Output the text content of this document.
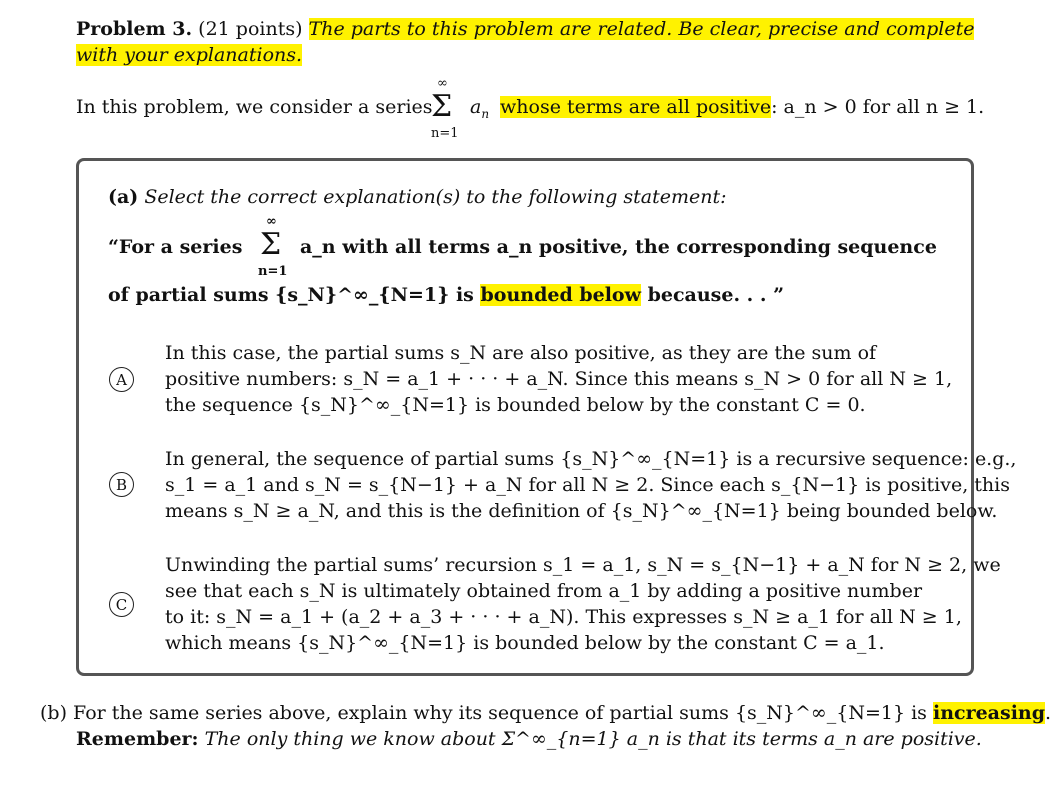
Problem 3. (21 points) The parts to this problem are related. Be clear, precise and complete
with your explanations.
In this problem, we consider a series
∞
Σ
n=1
$a_n$ whose terms are all positive: a_n > 0 for all n ≥ 1.
(a) Select the correct explanation(s) to the following statement:
“For a series
∞
Σ
n=1
a_n with all terms a_n positive, the corresponding sequence
of partial sums {s_N}^∞_{N=1} is bounded below because. . . ”
A
In this case, the partial sums s_N are also positive, as they are the sum of
positive numbers: s_N = a_1 + · · · + a_N. Since this means s_N > 0 for all N ≥ 1,
the sequence {s_N}^∞_{N=1} is bounded below by the constant C = 0.
B
In general, the sequence of partial sums {s_N}^∞_{N=1} is a recursive sequence: e.g.,
s_1 = a_1 and s_N = s_{N−1} + a_N for all N ≥ 2. Since each s_{N−1} is positive, this
means s_N ≥ a_N, and this is the definition of {s_N}^∞_{N=1} being bounded below.
C
Unwinding the partial sums’ recursion s_1 = a_1, s_N = s_{N−1} + a_N for N ≥ 2, we
see that each s_N is ultimately obtained from a_1 by adding a positive number
to it: s_N = a_1 + (a_2 + a_3 + · · · + a_N). This expresses s_N ≥ a_1 for all N ≥ 1,
which means {s_N}^∞_{N=1} is bounded below by the constant C = a_1.
(b) For the same series above, explain why its sequence of partial sums {s_N}^∞_{N=1} is increasing.
Remember: The only thing we know about Σ^∞_{n=1} a_n is that its terms a_n are positive.
